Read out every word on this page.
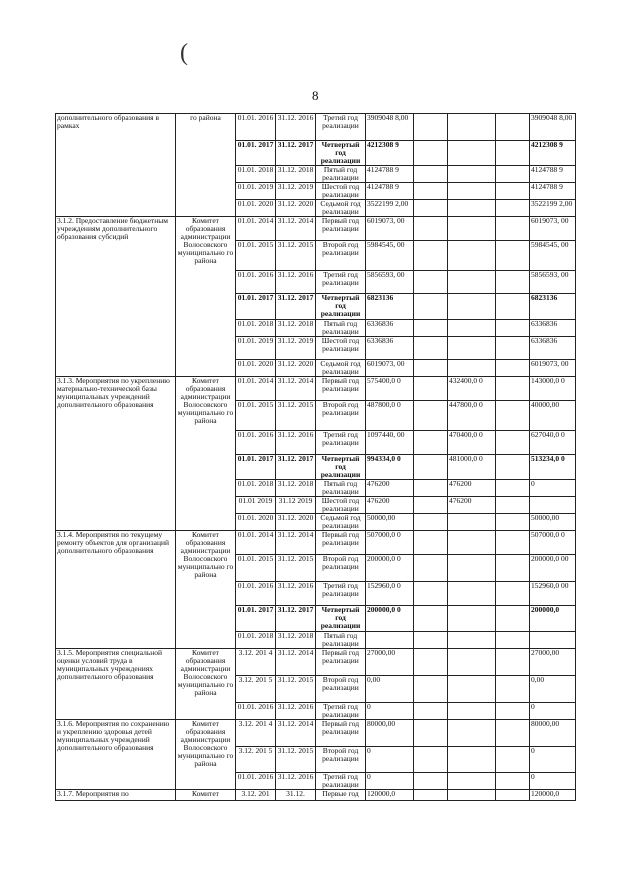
(
8
дополнительного образования в рамках	го района	01.01. 2016	31.12. 2016	Третий год реализации	3909048 8,00				3909048 8,00
		01.01. 2017	31.12. 2017	Четвертый год реализации	4212308 9				4212308 9
		01.01. 2018	31.12. 2018	Пятый год реализации	4124788 9				4124788 9
		01.01. 2019	31.12. 2019	Шестой год реализации	4124788 9				4124788 9
		01.01. 2020	31.12. 2020	Седьмой год реализации	3522199 2,00				3522199 2,00
3.1.2. Предоставление бюджетным учреждениям дополнительного образования субсидий	Комитет образования администрации Волосовского муниципально го района	01.01. 2014	31.12. 2014	Первый год реализации	6019073, 00				6019073, 00
		01.01. 2015	31.12. 2015	Второй год реализации	5984545, 00				5984545, 00
		01.01. 2016	31.12. 2016	Третий год реализации	5856593, 00				5856593, 00
		01.01. 2017	31.12. 2017	Четвертый год реализации	6823136				6823136
		01.01. 2018	31.12. 2018	Пятый год реализации	6336836				6336836
		01.01. 2019	31.12. 2019	Шестой год реализации	6336836				6336836
		01.01. 2020	31.12. 2020	Седьмой год реализации	6019073, 00				6019073, 00
3.1.3. Мероприятия по укреплению материально-технической базы муниципальных учреждений дополнительного образования	Комитет образования администрации Волосовского муниципально го района	01.01. 2014	31.12. 2014	Первый год реализации	575400,0 0		432400,0 0		143000,0 0
		01.01. 2015	31.12. 2015	Второй год реализации	487800,0 0		447800,0 0		40000,00
		01.01. 2016	31.12. 2016	Третий год реализации	1097440, 00		470400,0 0		627040,0 0
		01.01. 2017	31.12. 2017	Четвертый год реализации	994334,0 0		481000,0 0		513234,0 0
		01.01. 2018	31.12. 2018	Пятый год реализации	476200		476200		0
		01.01 2019	31.12 2019	Шестой год реализации	476200		476200		
		01.01. 2020	31.12. 2020	Седьмой год реализации	50000,00				50000,00
3.1.4. Мероприятия по текущему ремонту объектов для организаций дополнительного образования	Комитет образования администрации Волосовского муниципально го района	01.01. 2014	31.12. 2014	Первый год реализации	507000,0 0				507000,0 0
		01.01. 2015	31.12. 2015	Второй год реализации	200000,0 0				200000,0 00
		01.01. 2016	31.12. 2016	Третий год реализации	152960,0 0				152960,0 00
		01.01. 2017	31.12. 2017	Четвертый год реализации	200000,0 0				200000,0
		01.01. 2018	31.12. 2018	Пятый год реализации					
3.1.5. Мероприятия специальной оценки условий труда в муниципальных учреждениях дополнительного образования	Комитет образования администрации Волосовского муниципально го района	3.12. 201 4	31.12. 2014	Первый год реализации	27000,00				27000,00
		3.12. 201 5	31.12. 2015	Второй год реализации	0,00				0,00
		01.01. 2016	31.12. 2016	Третий год реализации	0				0
3.1.6. Мероприятия по сохранению и укреплению здоровья детей муниципальных учреждений дополнительного образования	Комитет образования администрации Волосовского муниципально го района	3.12. 201 4	31.12. 2014	Первый год реализации	80000,00				80000,00
		3.12. 201 5	31.12. 2015	Второй год реализации	0				0
		01.01. 2016	31.12. 2016	Третий год реализации	0				0
3.1.7. Мероприятия по	Комитет	3.12. 201	31.12.	Первые год	120000,0				120000,0
